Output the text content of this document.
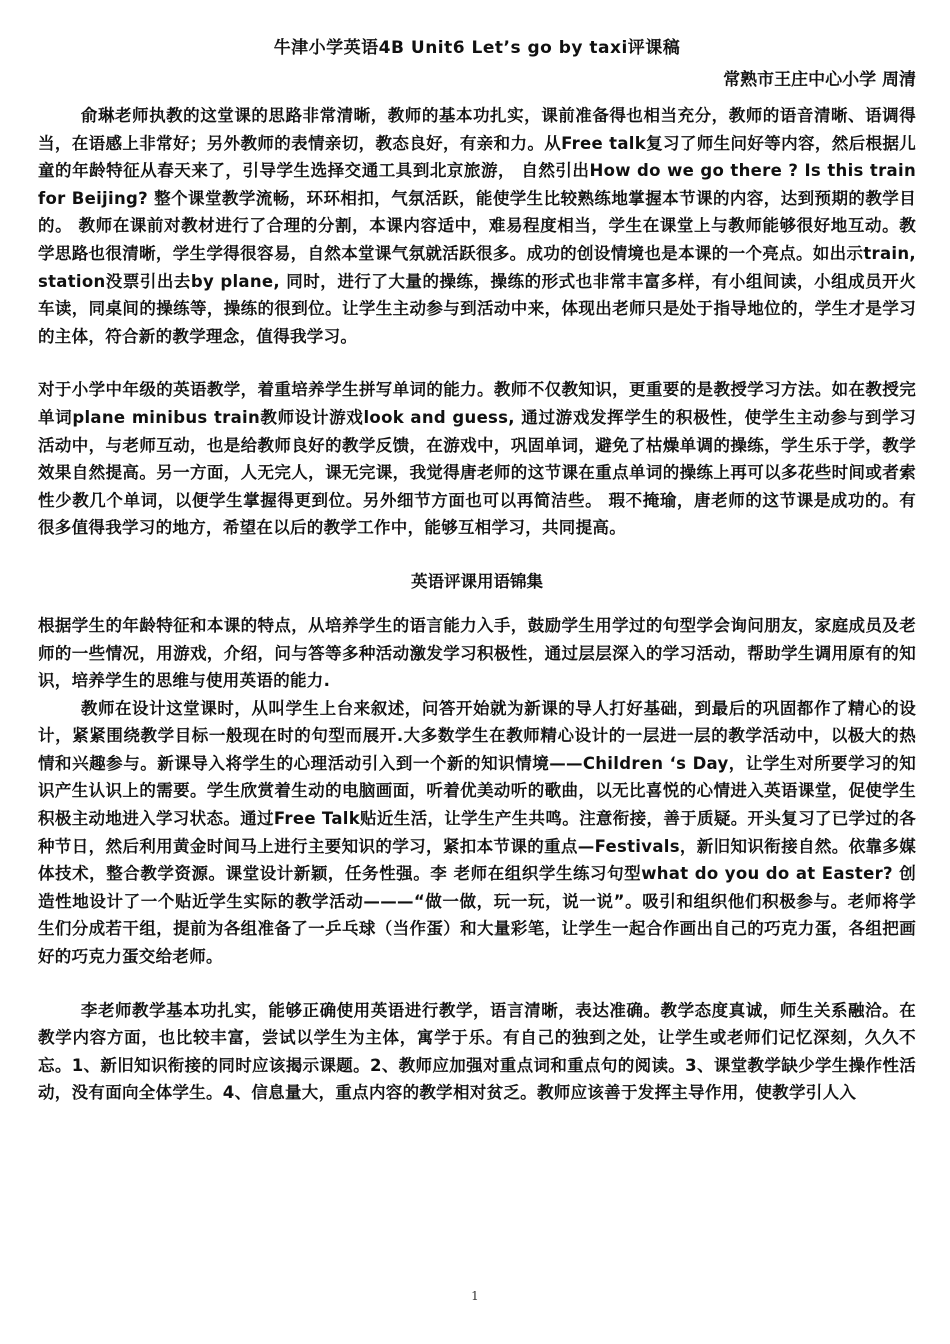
牛津小学英语4B Unit6 Let’s go by taxi评课稿
常熟市王庄中心小学 周清

俞琳老师执教的这堂课的思路非常清晰，教师的基本功扎实，课前准备得也相当充分，教师的语音清晰、语调得当，在语感上非常好；另外教师的表情亲切，教态良好，有亲和力。从Free talk复习了师生问好等内容，然后根据儿童的年龄特征从春天来了，引导学生选择交通工具到北京旅游， 自然引出How do we go there ? Is this train for Beijing? 整个课堂教学流畅，环环相扣，气氛活跃，能使学生比较熟练地掌握本节课的内容，达到预期的教学目的。 教师在课前对教材进行了合理的分割，本课内容适中，难易程度相当，学生在课堂上与教师能够很好地互动。教学思路也很清晰，学生学得很容易，自然本堂课气氛就活跃很多。成功的创设情境也是本课的一个亮点。如出示train, station没票引出去by plane, 同时，进行了大量的操练，操练的形式也非常丰富多样，有小组间读，小组成员开火车读，同桌间的操练等，操练的很到位。让学生主动参与到活动中来，体现出老师只是处于指导地位的，学生才是学习的主体，符合新的教学理念，值得我学习。

对于小学中年级的英语教学，着重培养学生拼写单词的能力。教师不仅教知识，更重要的是教授学习方法。如在教授完单词plane minibus train教师设计游戏look and guess, 通过游戏发挥学生的积极性，使学生主动参与到学习活动中，与老师互动，也是给教师良好的教学反馈，在游戏中，巩固单词，避免了枯燥单调的操练，学生乐于学，教学效果自然提高。另一方面，人无完人，课无完课，我觉得唐老师的这节课在重点单词的操练上再可以多花些时间或者索性少教几个单词，以便学生掌握得更到位。另外细节方面也可以再简洁些。 瑕不掩瑜，唐老师的这节课是成功的。有很多值得我学习的地方，希望在以后的教学工作中，能够互相学习，共同提高。

英语评课用语锦集

根据学生的年龄特征和本课的特点，从培养学生的语言能力入手，鼓励学生用学过的句型学会询问朋友，家庭成员及老师的一些情况，用游戏，介绍，问与答等多种活动激发学习积极性，通过层层深入的学习活动，帮助学生调用原有的知识，培养学生的思维与使用英语的能力.

教师在设计这堂课时，从叫学生上台来叙述，问答开始就为新课的导人打好基础，到最后的巩固都作了精心的设计，紧紧围绕教学目标一般现在时的句型而展开.大多数学生在教师精心设计的一层进一层的教学活动中，以极大的热情和兴趣参与。新课导入将学生的心理活动引入到一个新的知识情境——Children ‘s Day，让学生对所要学习的知识产生认识上的需要。学生欣赏着生动的电脑画面，听着优美动听的歌曲，以无比喜悦的心情进入英语课堂，促使学生积极主动地进入学习状态。通过Free Talk贴近生活，让学生产生共鸣。注意衔接，善于质疑。开头复习了已学过的各种节日，然后利用黄金时间马上进行主要知识的学习，紧扣本节课的重点—Festivals，新旧知识衔接自然。依靠多媒体技术，整合教学资源。课堂设计新颖，任务性强。李 老师在组织学生练习句型what do you do at Easter? 创造性地设计了一个贴近学生实际的教学活动———“做一做，玩一玩，说一说”。吸引和组织他们积极参与。老师将学生们分成若干组，提前为各组准备了一乒乓球（当作蛋）和大量彩笔，让学生一起合作画出自己的巧克力蛋，各组把画好的巧克力蛋交给老师。

李老师教学基本功扎实，能够正确使用英语进行教学，语言清晰，表达准确。教学态度真诚，师生关系融洽。在教学内容方面，也比较丰富，尝试以学生为主体，寓学于乐。有自己的独到之处，让学生或老师们记忆深刻，久久不忘。1、新旧知识衔接的同时应该揭示课题。2、教师应加强对重点词和重点句的阅读。3、课堂教学缺少学生操作性活动，没有面向全体学生。4、信息量大，重点内容的教学相对贫乏。教师应该善于发挥主导作用，使教学引人入

1
